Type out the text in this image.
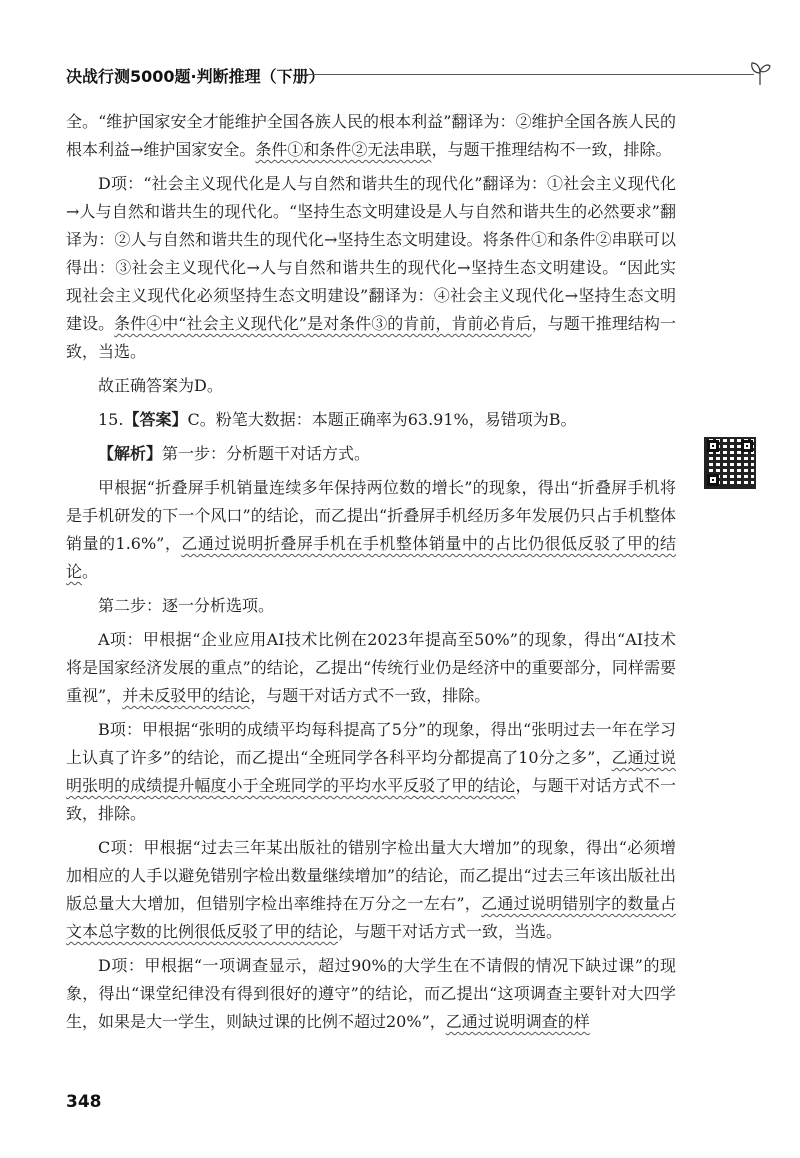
决战行测5000题·判断推理（下册）

全。“维护国家安全才能维护全国各族人民的根本利益”翻译为：②维护全国各族人民的根本利益→维护国家安全。条件①和条件②无法串联，与题干推理结构不一致，排除。

D项：“社会主义现代化是人与自然和谐共生的现代化”翻译为：①社会主义现代化→人与自然和谐共生的现代化。“坚持生态文明建设是人与自然和谐共生的必然要求”翻译为：②人与自然和谐共生的现代化→坚持生态文明建设。将条件①和条件②串联可以得出：③社会主义现代化→人与自然和谐共生的现代化→坚持生态文明建设。“因此实现社会主义现代化必须坚持生态文明建设”翻译为：④社会主义现代化→坚持生态文明建设。条件④中“社会主义现代化”是对条件③的肯前，肯前必肯后，与题干推理结构一致，当选。

故正确答案为D。

15.【答案】C。粉笔大数据：本题正确率为63.91%，易错项为B。

【解析】第一步：分析题干对话方式。

甲根据“折叠屏手机销量连续多年保持两位数的增长”的现象，得出“折叠屏手机将是手机研发的下一个风口”的结论，而乙提出“折叠屏手机经历多年发展仍只占手机整体销量的1.6%”，乙通过说明折叠屏手机在手机整体销量中的占比仍很低反驳了甲的结论。

第二步：逐一分析选项。

A项：甲根据“企业应用AI技术比例在2023年提高至50%”的现象，得出“AI技术将是国家经济发展的重点”的结论，乙提出“传统行业仍是经济中的重要部分，同样需要重视”，并未反驳甲的结论，与题干对话方式不一致，排除。

B项：甲根据“张明的成绩平均每科提高了5分”的现象，得出“张明过去一年在学习上认真了许多”的结论，而乙提出“全班同学各科平均分都提高了10分之多”，乙通过说明张明的成绩提升幅度小于全班同学的平均水平反驳了甲的结论，与题干对话方式不一致，排除。

C项：甲根据“过去三年某出版社的错别字检出量大大增加”的现象，得出“必须增加相应的人手以避免错别字检出数量继续增加”的结论，而乙提出“过去三年该出版社出版总量大大增加，但错别字检出率维持在万分之一左右”，乙通过说明错别字的数量占文本总字数的比例很低反驳了甲的结论，与题干对话方式一致，当选。

D项：甲根据“一项调查显示，超过90%的大学生在不请假的情况下缺过课”的现象，得出“课堂纪律没有得到很好的遵守”的结论，而乙提出“这项调查主要针对大四学生，如果是大一学生，则缺过课的比例不超过20%”，乙通过说明调查的样

348
